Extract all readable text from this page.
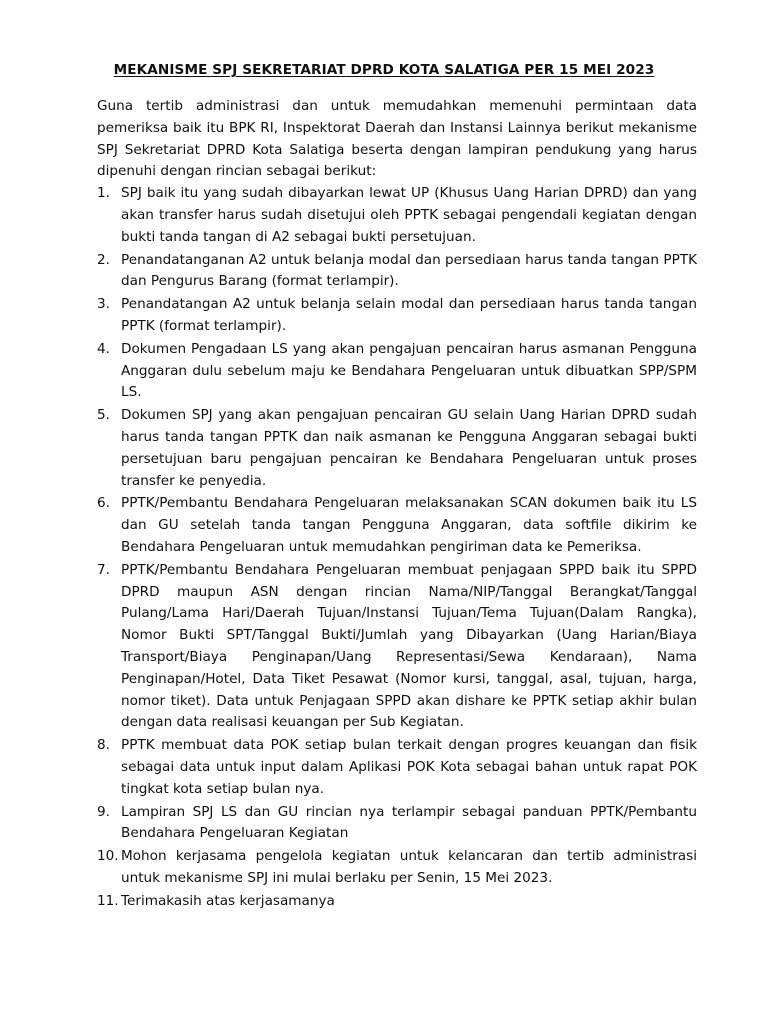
MEKANISME SPJ SEKRETARIAT DPRD KOTA SALATIGA PER 15 MEI 2023

Guna tertib administrasi dan untuk memudahkan memenuhi permintaan data pemeriksa baik itu BPK RI, Inspektorat Daerah dan Instansi Lainnya berikut mekanisme SPJ Sekretariat DPRD Kota Salatiga beserta dengan lampiran pendukung yang harus dipenuhi dengan rincian sebagai berikut:

1. SPJ baik itu yang sudah dibayarkan lewat UP (Khusus Uang Harian DPRD) dan yang akan transfer harus sudah disetujui oleh PPTK sebagai pengendali kegiatan dengan bukti tanda tangan di A2 sebagai bukti persetujuan.
2. Penandatanganan A2 untuk belanja modal dan persediaan harus tanda tangan PPTK dan Pengurus Barang (format terlampir).
3. Penandatangan A2 untuk belanja selain modal dan persediaan harus tanda tangan PPTK (format terlampir).
4. Dokumen Pengadaan LS yang akan pengajuan pencairan harus asmanan Pengguna Anggaran dulu sebelum maju ke Bendahara Pengeluaran untuk dibuatkan SPP/SPM LS.
5. Dokumen SPJ yang akan pengajuan pencairan GU selain Uang Harian DPRD sudah harus tanda tangan PPTK dan naik asmanan ke Pengguna Anggaran sebagai bukti persetujuan baru pengajuan pencairan ke Bendahara Pengeluaran untuk proses transfer ke penyedia.
6. PPTK/Pembantu Bendahara Pengeluaran melaksanakan SCAN dokumen baik itu LS dan GU setelah tanda tangan Pengguna Anggaran, data softfile dikirim ke Bendahara Pengeluaran untuk memudahkan pengiriman data ke Pemeriksa.
7. PPTK/Pembantu Bendahara Pengeluaran membuat penjagaan SPPD baik itu SPPD DPRD maupun ASN dengan rincian Nama/NIP/Tanggal Berangkat/Tanggal Pulang/Lama Hari/Daerah Tujuan/Instansi Tujuan/Tema Tujuan(Dalam Rangka), Nomor Bukti SPT/Tanggal Bukti/Jumlah yang Dibayarkan (Uang Harian/Biaya Transport/Biaya Penginapan/Uang Representasi/Sewa Kendaraan), Nama Penginapan/Hotel, Data Tiket Pesawat (Nomor kursi, tanggal, asal, tujuan, harga, nomor tiket). Data untuk Penjagaan SPPD akan dishare ke PPTK setiap akhir bulan dengan data realisasi keuangan per Sub Kegiatan.
8. PPTK membuat data POK setiap bulan terkait dengan progres keuangan dan fisik sebagai data untuk input dalam Aplikasi POK Kota sebagai bahan untuk rapat POK tingkat kota setiap bulan nya.
9. Lampiran SPJ LS dan GU rincian nya terlampir sebagai panduan PPTK/Pembantu Bendahara Pengeluaran Kegiatan
10. Mohon kerjasama pengelola kegiatan untuk kelancaran dan tertib administrasi untuk mekanisme SPJ ini mulai berlaku per Senin, 15 Mei 2023.
11. Terimakasih atas kerjasamanya
